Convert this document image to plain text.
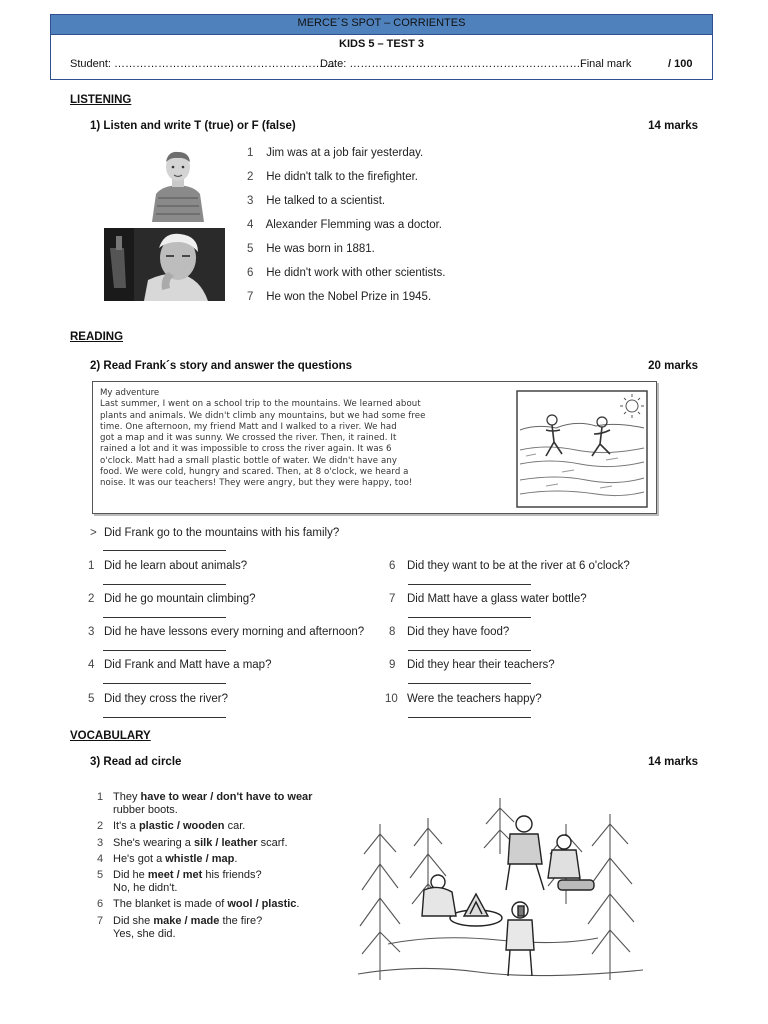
MERCE´S SPOT – CORRIENTES
KIDS 5 – TEST 3
Student: ……………………………………………………
Date: ……………………………………………………….
Final mark	/ 100
LISTENING
1) Listen and write T (true) or F (false)	14 marks
1 Jim was at a job fair yesterday.
2 He didn't talk to the firefighter.
3 He talked to a scientist.
4 Alexander Flemming was a doctor.
5 He was born in 1881.
6 He didn't work with other scientists.
7 He won the Nobel Prize in 1945.
READING
2) Read Frank´s story and answer the questions	20 marks
My adventure
Last summer, I went on a school trip to the mountains. We learned about
plants and animals. We didn't climb any mountains, but we had some free
time. One afternoon, my friend Matt and I walked to a river. We had
got a map and it was sunny. We crossed the river. Then, it rained. It
rained a lot and it was impossible to cross the river again. It was 6
o'clock. Matt had a small plastic bottle of water. We didn't have any
food. We were cold, hungry and scared. Then, at 8 o'clock, we heard a
noise. It was our teachers! They were angry, but they were happy, too!
> Did Frank go to the mountains with his family?
1 Did he learn about animals?
2 Did he go mountain climbing?
3 Did he have lessons every morning and afternoon?
4 Did Frank and Matt have a map?
5 Did they cross the river?
6 Did they want to be at the river at 6 o'clock?
7 Did Matt have a glass water bottle?
8 Did they have food?
9 Did they hear their teachers?
10 Were the teachers happy?
VOCABULARY
3) Read ad circle	14 marks
1 They have to wear / don't have to wear
rubber boots.
2 It's a plastic / wooden car.
3 She's wearing a silk / leather scarf.
4 He's got a whistle / map.
5 Did he meet / met his friends?
No, he didn't.
6 The blanket is made of wool / plastic.
7 Did she make / made the fire?
Yes, she did.
